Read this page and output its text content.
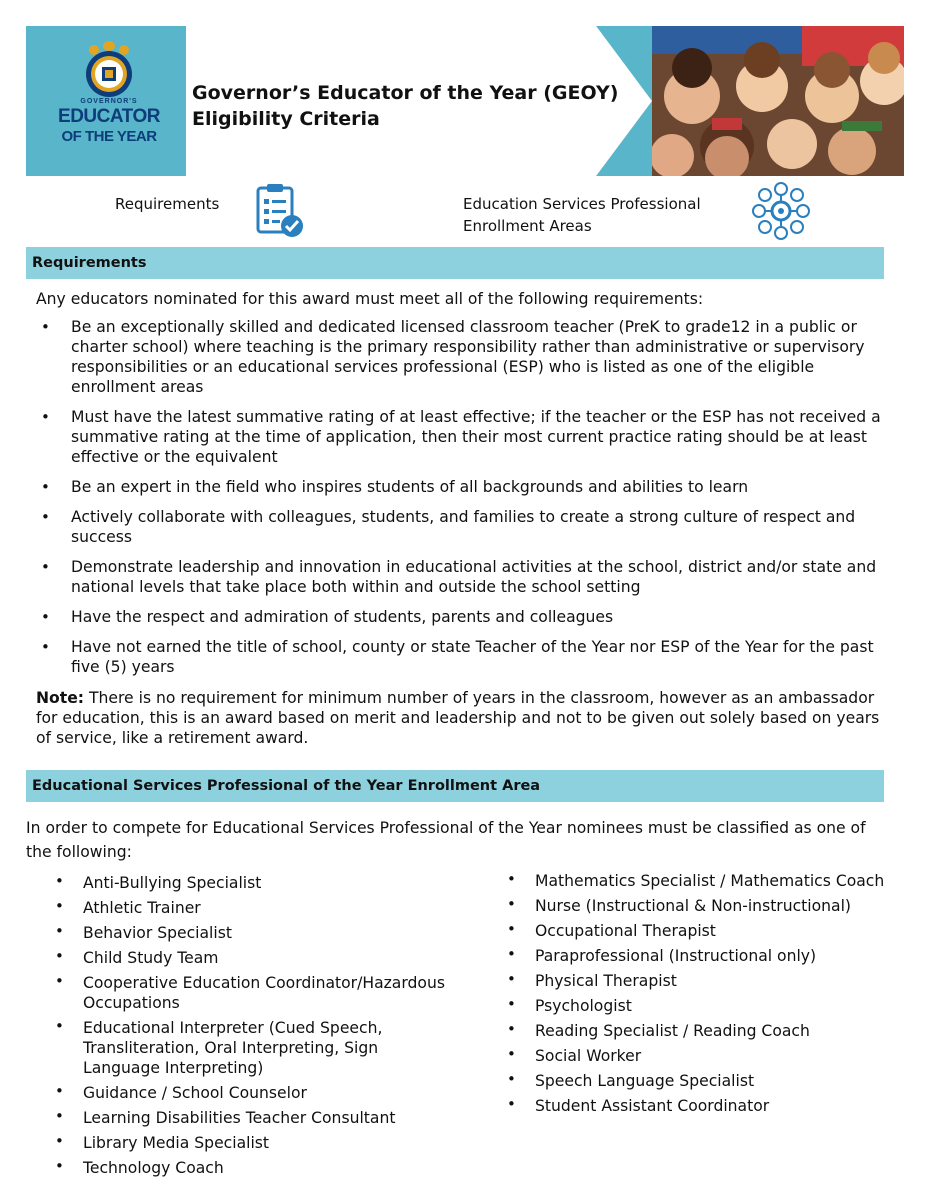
Governor’s Educator of the Year (GEOY)
Eligibility Criteria
GOVERNOR'S
EDUCATOR
OF THE YEAR
Requirements	Education Services Professional
Enrollment Areas
Requirements
Any educators nominated for this award must meet all of the following requirements:
• Be an exceptionally skilled and dedicated licensed classroom teacher (PreK to grade12 in a public or charter school) where teaching is the primary responsibility rather than administrative or supervisory responsibilities or an educational services professional (ESP) who is listed as one of the eligible enrollment areas
• Must have the latest summative rating of at least effective; if the teacher or the ESP has not received a summative rating at the time of application, then their most current practice rating should be at least effective or the equivalent
• Be an expert in the field who inspires students of all backgrounds and abilities to learn
• Actively collaborate with colleagues, students, and families to create a strong culture of respect and success
• Demonstrate leadership and innovation in educational activities at the school, district and/or state and national levels that take place both within and outside the school setting
• Have the respect and admiration of students, parents and colleagues
• Have not earned the title of school, county or state Teacher of the Year nor ESP of the Year for the past five (5) years
Note: There is no requirement for minimum number of years in the classroom, however as an ambassador for education, this is an award based on merit and leadership and not to be given out solely based on years of service, like a retirement award.
Educational Services Professional of the Year Enrollment Area
In order to compete for Educational Services Professional of the Year nominees must be classified as one of the following:
• Anti-Bullying Specialist
• Athletic Trainer
• Behavior Specialist
• Child Study Team
• Cooperative Education Coordinator/Hazardous Occupations
• Educational Interpreter (Cued Speech, Transliteration, Oral Interpreting, Sign Language Interpreting)
• Guidance / School Counselor
• Learning Disabilities Teacher Consultant
• Library Media Specialist
• Technology Coach
• Mathematics Specialist / Mathematics Coach
• Nurse (Instructional & Non-instructional)
• Occupational Therapist
• Paraprofessional (Instructional only)
• Physical Therapist
• Psychologist
• Reading Specialist / Reading Coach
• Social Worker
• Speech Language Specialist
• Student Assistant Coordinator
